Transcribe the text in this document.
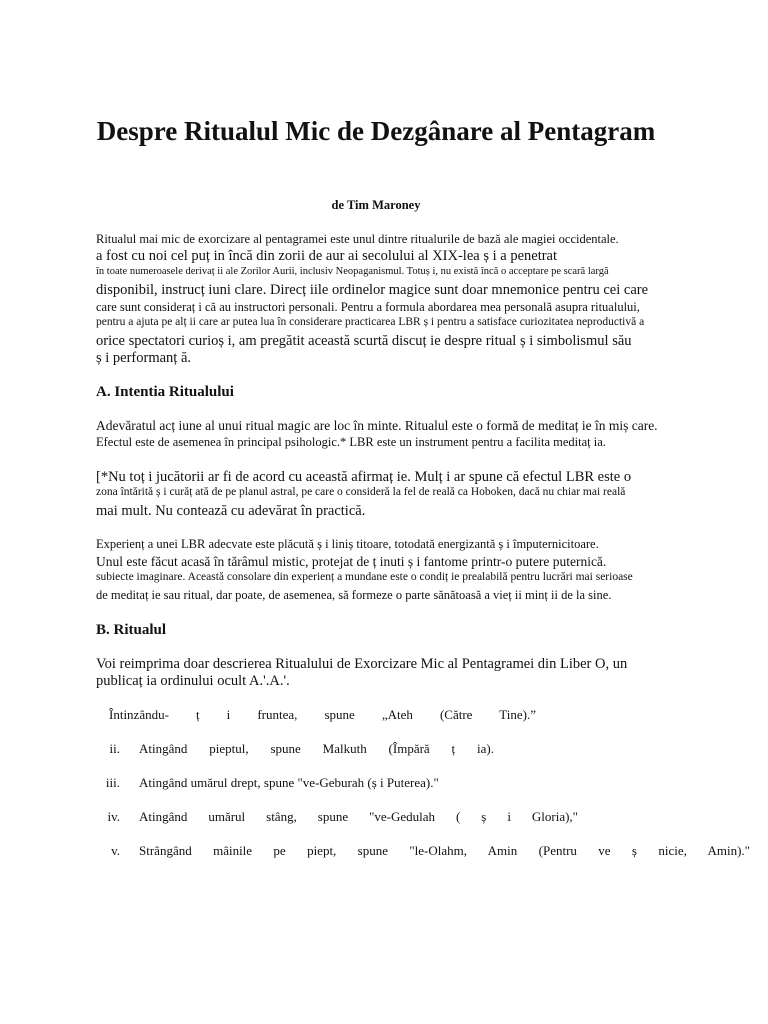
Despre Ritualul Mic de Dezgânare al Pentagram

de Tim Maroney

Ritualul mai mic de exorcizare al pentagramei este unul dintre ritualurile de bază ale magiei occidentale.

a fost cu noi cel puț in încă din zorii de aur ai secolului al XIX-lea ș i a penetrat

în toate numeroasele derivaț ii ale Zorilor Aurii, inclusiv Neopaganismul. Totuș i, nu există încă o acceptare pe scară largă

disponibil, instrucț iuni clare. Direcț iile ordinelor magice sunt doar mnemonice pentru cei care

care sunt consideraț i că au instructori personali. Pentru a formula abordarea mea personală asupra ritualului,

pentru a ajuta pe alț ii care ar putea lua în considerare practicarea LBR ș i pentru a satisface curiozitatea neproductivă a

orice spectatori curioș i, am pregătit această scurtă discuț ie despre ritual ș i simbolismul său

ș i performanț ă.

A. Intentia Ritualului

Adevăratul acț iune al unui ritual magic are loc în minte. Ritualul este o formă de meditaț ie în miș care.

Efectul este de asemenea în principal psihologic.* LBR este un instrument pentru a facilita meditaț ia.

[*Nu toț i jucătorii ar fi de acord cu această afirmaț ie. Mulț i ar spune că efectul LBR este o

zona întărită ș i curăț ată de pe planul astral, pe care o consideră la fel de reală ca Hoboken, dacă nu chiar mai reală

mai mult. Nu contează cu adevărat în practică.

Experienț a unei LBR adecvate este plăcută ș i liniș titoare, totodată energizantă ș i împuternicitoare.

Unul este făcut acasă în tărâmul mistic, protejat de ț inuti ș i fantome printr-o putere puternică.

subiecte imaginare. Această consolare din experienț a mundane este o condiț ie prealabilă pentru lucrări mai serioase

de meditaț ie sau ritual, dar poate, de asemenea, să formeze o parte sănătoasă a vieț ii minț ii de la sine.

B. Ritualul

Voi reimprima doar descrierea Ritualului de Exorcizare Mic al Pentagramei din Liber O, un

publicaț ia ordinului ocult A.'.A.'.

Întinzându- ț i fruntea, spune „Ateh (Către Tine).”
ii. Atingând pieptul, spune Malkuth (Împără ț ia).
iii. Atingând umărul drept, spune "ve-Geburah (ș i Puterea)."
iv. Atingând umărul stâng, spune "ve-Gedulah ( ș i Gloria),"
v. Strângând mâinile pe piept, spune "le-Olahm, Amin (Pentru ve ș nicie, Amin)."
